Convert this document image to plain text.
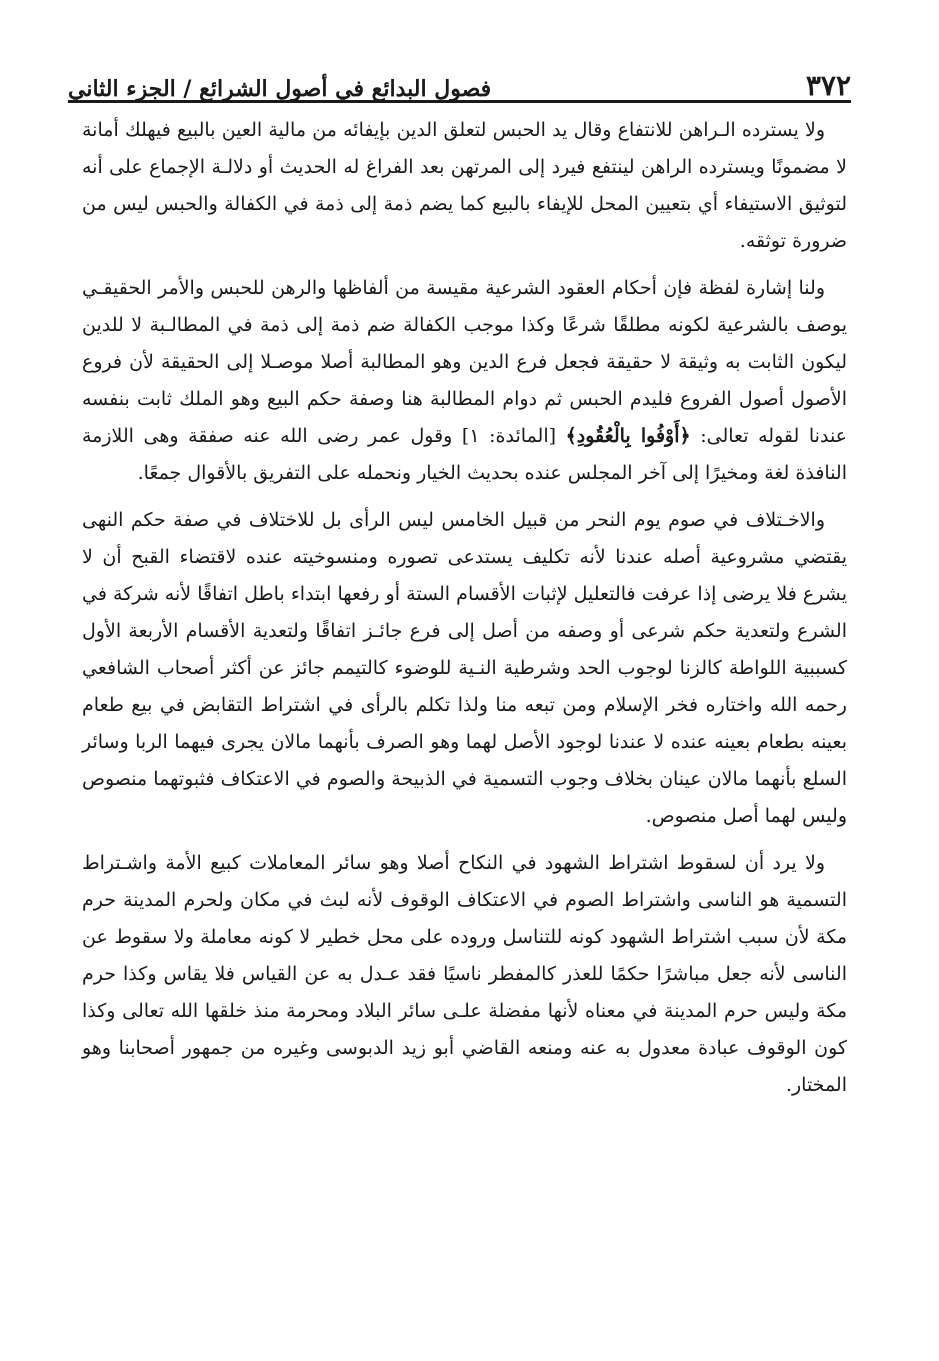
٣٧٢
فصول البدائع في أصول الشرائع / الجزء الثاني

ولا يسترده الـراهن للانتفاع وقال يد الحبس لتعلق الدين بإيفائه من مالية العين بالبيع فيهلك أمانة لا مضمونًا ويسترده الراهن لينتفع فيرد إلى المرتهن بعد الفراغ له الحديث أو دلالـة الإجماع على أنه لتوثيق الاستيفاء أي بتعيين المحل للإيفاء بالبيع كما يضم ذمة إلى ذمة في الكفالة والحبس ليس من ضرورة توثقه.

ولنا إشارة لفظة فإن أحكام العقود الشرعية مقيسة من ألفاظها والرهن للحبس والأمر الحقيقـي يوصف بالشرعية لكونه مطلقًا شرعًا وكذا موجب الكفالة ضم ذمة إلى ذمة في المطالـبة لا للدين ليكون الثابت به وثيقة لا حقيقة فجعل فرع الدين وهو المطالبة أصلا موصـلا إلى الحقيقة لأن فروع الأصول أصول الفروع فليدم الحبس ثم دوام المطالبة هنا وصفة حكم البيع وهو الملك ثابت بنفسه عندنا لقوله تعالى: ﴿أَوْفُوا بِالْعُقُودِ﴾ [المائدة: ١] وقول عمر رضى الله عنه صفقة وهى اللازمة النافذة لغة ومخيرًا إلى آخر المجلس عنده بحديث الخيار ونحمله على التفريق بالأقوال جمعًا.

والاخـتلاف في صوم يوم النحر من قبيل الخامس ليس الرأى بل للاختلاف في صفة حكم النهى يقتضي مشروعية أصله عندنا لأنه تكليف يستدعى تصوره ومنسوخيته عنده لاقتضاء القبح أن لا يشرع فلا يرضى إذا عرفت فالتعليل لإثبات الأقسام الستة أو رفعها ابتداء باطل اتفاقًا لأنه شركة في الشرع ولتعدية حكم شرعى أو وصفه من أصل إلى فرع جائـز اتفاقًا ولتعدية الأقسام الأربعة الأول كسببية اللواطة كالزنا لوجوب الحد وشرطية النـية للوضوء كالتيمم جائز عن أكثر أصحاب الشافعي رحمه الله واختاره فخر الإسلام ومن تبعه منا ولذا تكلم بالرأى في اشتراط التقابض في بيع طعام بعينه بطعام بعينه عنده لا عندنا لوجود الأصل لهما وهو الصرف بأنهما مالان يجرى فيهما الربا وسائر السلع بأنهما مالان عينان بخلاف وجوب التسمية في الذبيحة والصوم في الاعتكاف فثبوتهما منصوص وليس لهما أصل منصوص.

ولا يرد أن لسقوط اشتراط الشهود في النكاح أصلا وهو سائر المعاملات كبيع الأمة واشـتراط التسمية هو الناسى واشتراط الصوم في الاعتكاف الوقوف لأنه لبث في مكان ولحرم المدينة حرم مكة لأن سبب اشتراط الشهود كونه للتناسل وروده على محل خطير لا كونه معاملة ولا سقوط عن الناسى لأنه جعل مباشرًا حكمًا للعذر كالمفطر ناسيًا فقد عـدل به عن القياس فلا يقاس وكذا حرم مكة وليس حرم المدينة في معناه لأنها مفضلة علـى سائر البلاد ومحرمة منذ خلقها الله تعالى وكذا كون الوقوف عبادة معدول به عنه ومنعه القاضي أبو زيد الدبوسى وغيره من جمهور أصحابنا وهو المختار.
